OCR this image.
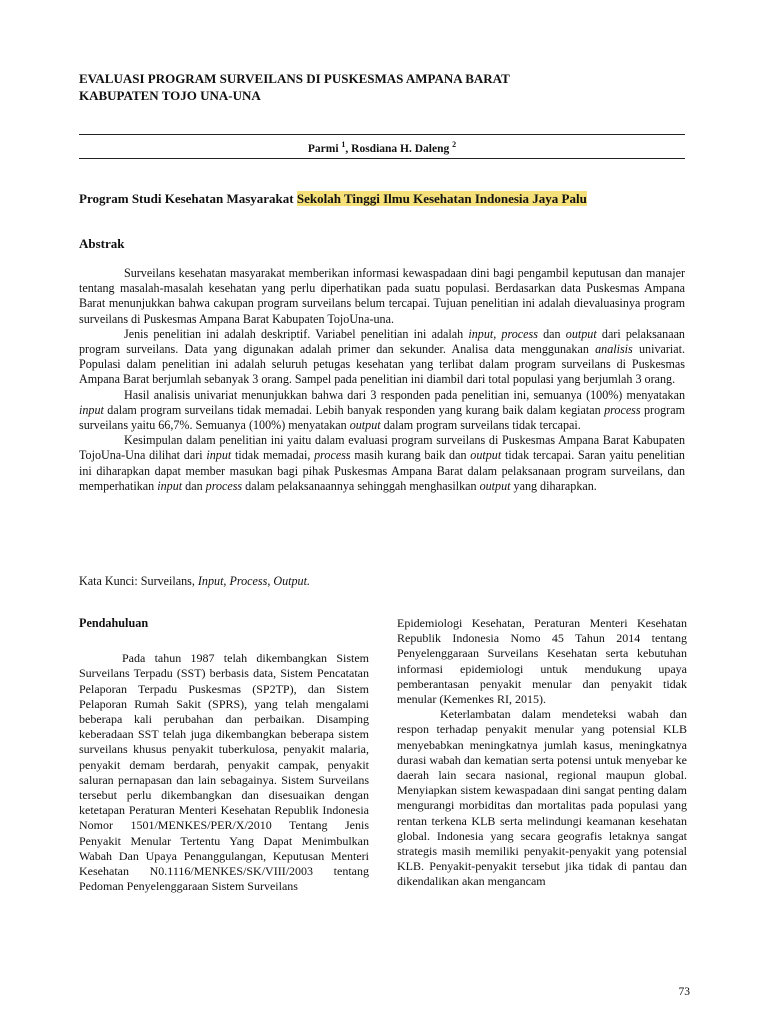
EVALUASI PROGRAM SURVEILANS DI PUSKESMAS AMPANA BARAT
KABUPATEN TOJO UNA-UNA
Parmi $^1$, Rosdiana H. Daleng $^2$
Program Studi Kesehatan Masyarakat Sekolah Tinggi Ilmu Kesehatan Indonesia Jaya Palu
Abstrak

Surveilans kesehatan masyarakat memberikan informasi kewaspadaan dini bagi pengambil keputusan dan manajer tentang masalah-masalah kesehatan yang perlu diperhatikan pada suatu populasi. Berdasarkan data Puskesmas Ampana Barat menunjukkan bahwa cakupan program surveilans belum tercapai. Tujuan penelitian ini adalah dievaluasinya program surveilans di Puskesmas Ampana Barat Kabupaten TojoUna-una.

Jenis penelitian ini adalah deskriptif. Variabel penelitian ini adalah input, process dan output dari pelaksanaan program surveilans. Data yang digunakan adalah primer dan sekunder. Analisa data menggunakan analisis univariat. Populasi dalam penelitian ini adalah seluruh petugas kesehatan yang terlibat dalam program surveilans di Puskesmas Ampana Barat berjumlah sebanyak 3 orang. Sampel pada penelitian ini diambil dari total populasi yang berjumlah 3 orang.

Hasil analisis univariat menunjukkan bahwa dari 3 responden pada penelitian ini, semuanya (100%) menyatakan input dalam program surveilans tidak memadai. Lebih banyak responden yang kurang baik dalam kegiatan process program surveilans yaitu 66,7%. Semuanya (100%) menyatakan output dalam program surveilans tidak tercapai.

Kesimpulan dalam penelitian ini yaitu dalam evaluasi program surveilans di Puskesmas Ampana Barat Kabupaten TojoUna-Una dilihat dari input tidak memadai, process masih kurang baik dan output tidak tercapai. Saran yaitu penelitian ini diharapkan dapat member masukan bagi pihak Puskesmas Ampana Barat dalam pelaksanaan program surveilans, dan memperhatikan input dan process dalam pelaksanaannya sehinggah menghasilkan output yang diharapkan.

Kata Kunci: Surveilans, Input, Process, Output.
Pendahuluan

Pada tahun 1987 telah dikembangkan Sistem Surveilans Terpadu (SST) berbasis data, Sistem Pencatatan Pelaporan Terpadu Puskesmas (SP2TP), dan Sistem Pelaporan Rumah Sakit (SPRS), yang telah mengalami beberapa kali perubahan dan perbaikan. Disamping keberadaan SST telah juga dikembangkan beberapa sistem surveilans khusus penyakit tuberkulosa, penyakit malaria, penyakit demam berdarah, penyakit campak, penyakit saluran pernapasan dan lain sebagainya. Sistem Surveilans tersebut perlu dikembangkan dan disesuaikan dengan ketetapan Peraturan Menteri Kesehatan Republik Indonesia Nomor 1501/MENKES/PER/X/2010 Tentang Jenis Penyakit Menular Tertentu Yang Dapat Menimbulkan Wabah Dan Upaya Penanggulangan, Keputusan Menteri Kesehatan N0.1116/MENKES/SK/VIII/2003 tentang Pedoman Penyelenggaraan Sistem Surveilans

Epidemiologi Kesehatan, Peraturan Menteri Kesehatan Republik Indonesia Nomo 45 Tahun 2014 tentang Penyelenggaraan Surveilans Kesehatan serta kebutuhan informasi epidemiologi untuk mendukung upaya pemberantasan penyakit menular dan penyakit tidak menular (Kemenkes RI, 2015).

Keterlambatan dalam mendeteksi wabah dan respon terhadap penyakit menular yang potensial KLB menyebabkan meningkatnya jumlah kasus, meningkatnya durasi wabah dan kematian serta potensi untuk menyebar ke daerah lain secara nasional, regional maupun global. Menyiapkan sistem kewaspadaan dini sangat penting dalam mengurangi morbiditas dan mortalitas pada populasi yang rentan terkena KLB serta melindungi keamanan kesehatan global. Indonesia yang secara geografis letaknya sangat strategis masih memiliki penyakit-penyakit yang potensial KLB. Penyakit-penyakit tersebut jika tidak di pantau dan dikendalikan akan mengancam

73
